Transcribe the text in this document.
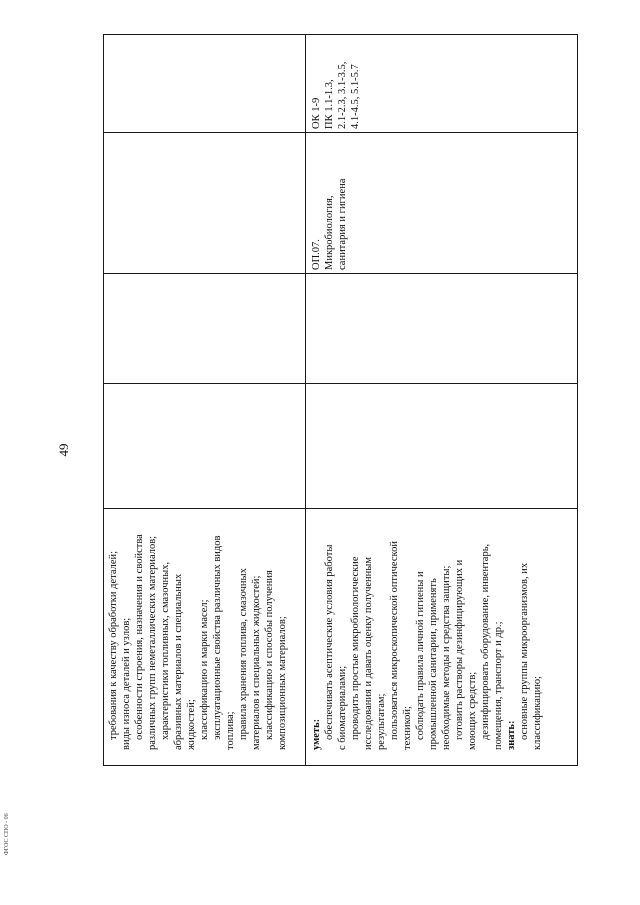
49
ФГОС СПО - 06
требования к качеству обработки деталей; виды износа деталей и узлов; особенности строения, назначения и свойства различных групп неметаллических материалов; характеристики топливных, смазочных, абразивных материалов и специальных жидкостей; классификацию и марки масел; эксплуатационные свойства различных видов топлива; правила хранения топлива, смазочных материалов и специальных жидкостей; классификацию и способы получения композиционных материалов; уметь: обеспечивать асептические условия работы с биоматериалами; проводить простые микробиологические исследования и давать оценку полученным результатам; пользоваться микроскопической оптической техникой; соблюдать правила личной гигиены и промышленной санитарии, применять необходимые методы и средства защиты; готовить растворы дезинфицирующих и моющих средств; дезинфицировать оборудование, инвентарь, помещения, транспорт и др.; знать: основные группы микроорганизмов, их классификацию;
ОП.07. Микробиология, санитария и гигиена
ОК 1-9 ПК 1.1-1.3, 2.1-2.3, 3.1-3.5, 4.1-4.5, 5.1-5.7
